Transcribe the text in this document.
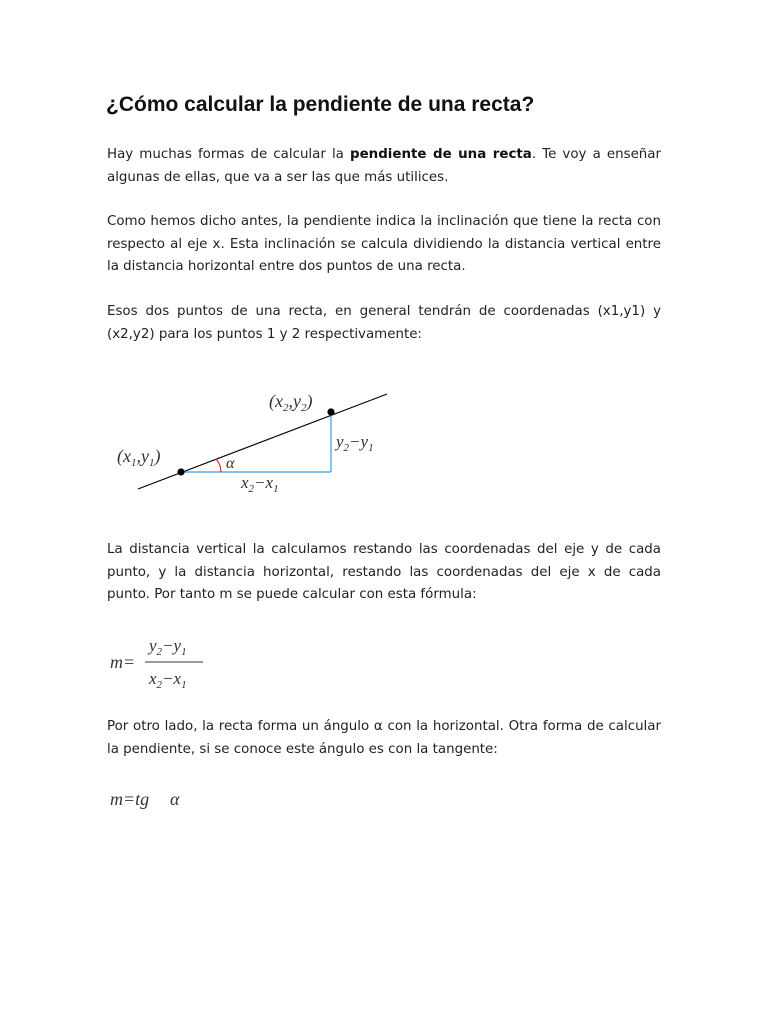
¿Cómo calcular la pendiente de una recta?

Hay muchas formas de calcular la pendiente de una recta. Te voy a enseñar algunas de ellas, que va a ser las que más utilices.

Como hemos dicho antes, la pendiente indica la inclinación que tiene la recta con respecto al eje x. Esta inclinación se calcula dividiendo la distancia vertical entre la distancia horizontal entre dos puntos de una recta.

Esos dos puntos de una recta, en general tendrán de coordenadas (x1,y1) y (x2,y2) para los puntos 1 y 2 respectivamente:

$(x_1,y_1)$
$(x_2,y_2)$
$y_2-y_1$
$x_2-x_1$
α

La distancia vertical la calculamos restando las coordenadas del eje y de cada punto, y la distancia horizontal, restando las coordenadas del eje x de cada punto. Por tanto m se puede calcular con esta fórmula:

m=
$y_2-y_1$
$x_2-x_1$

Por otro lado, la recta forma un ángulo α con la horizontal. Otra forma de calcular la pendiente, si se conoce este ángulo es con la tangente:

m=tg α
